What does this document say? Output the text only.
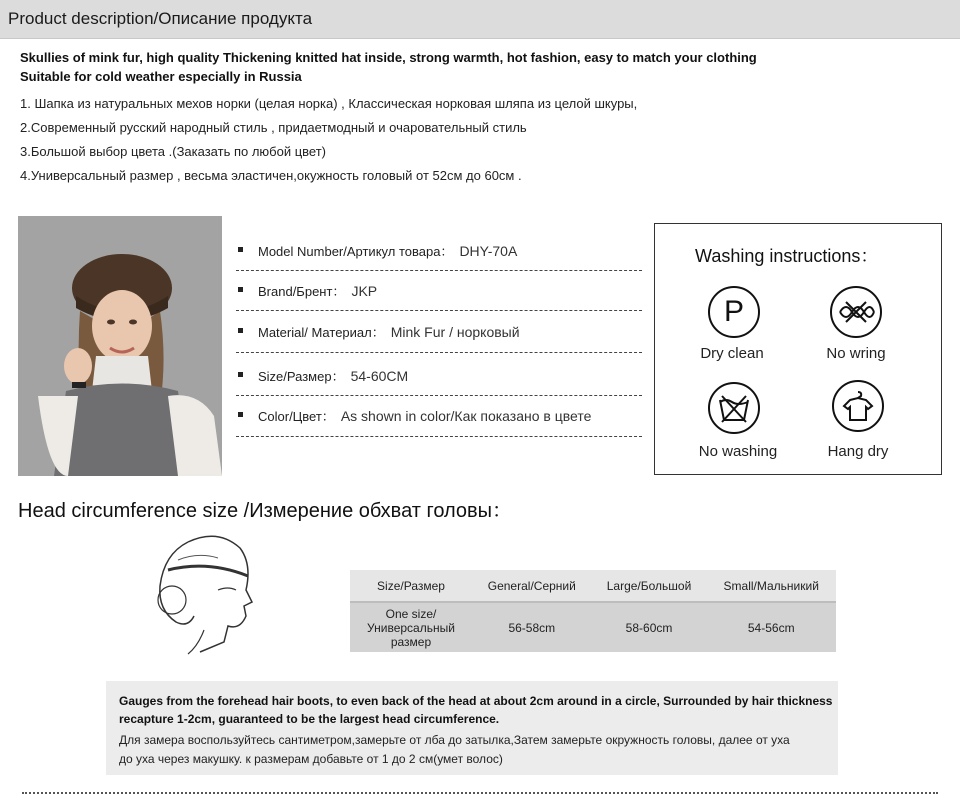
Product description/Описание продукта
Skullies of mink fur, high quality Thickening knitted hat inside, strong warmth, hot fashion, easy to match your clothing
Suitable for cold weather especially in Russia
1. Шапка из натуральных мехов норки (целая норка) , Классическая норковая шляпа из целой шкуры,
2.Современный русский народный стиль , придаетмодный и очаровательный стиль
3.Большой выбор цвета .(Заказать по любой цвет)
4.Универсальный размер , весьма эластичен,окужность головый от 52см до 60см .
Model Number/Артикул товара： DHY-70A
Brand/Брент： JKP
Material/ Материал： Mink Fur / норковый
Size/Размер： 54-60CM
Color/Цвет： As shown in color/Как показано в цвете
Washing instructions：
P
Dry clean	No wring
No washing	Hang dry
Head circumference size /Измерение обхват головы：
Size/Размер	General/Серний	Large/Большой	Small/Мальникий

One size/
Универсальный
размер	56-58cm	58-60cm	54-56cm
Gauges from the forehead hair boots, to even back of the head at about 2cm around in a circle, Surrounded by hair thickness
recapture 1-2cm, guaranteed to be the largest head circumference.
Для замера воспользуйтесь сантиметром,замерьте от лба до затылка,Затем замерьте окружность головы, далее от уха
до уха через макушку. к размерам добавьте от 1 до 2 см(умет волос)
